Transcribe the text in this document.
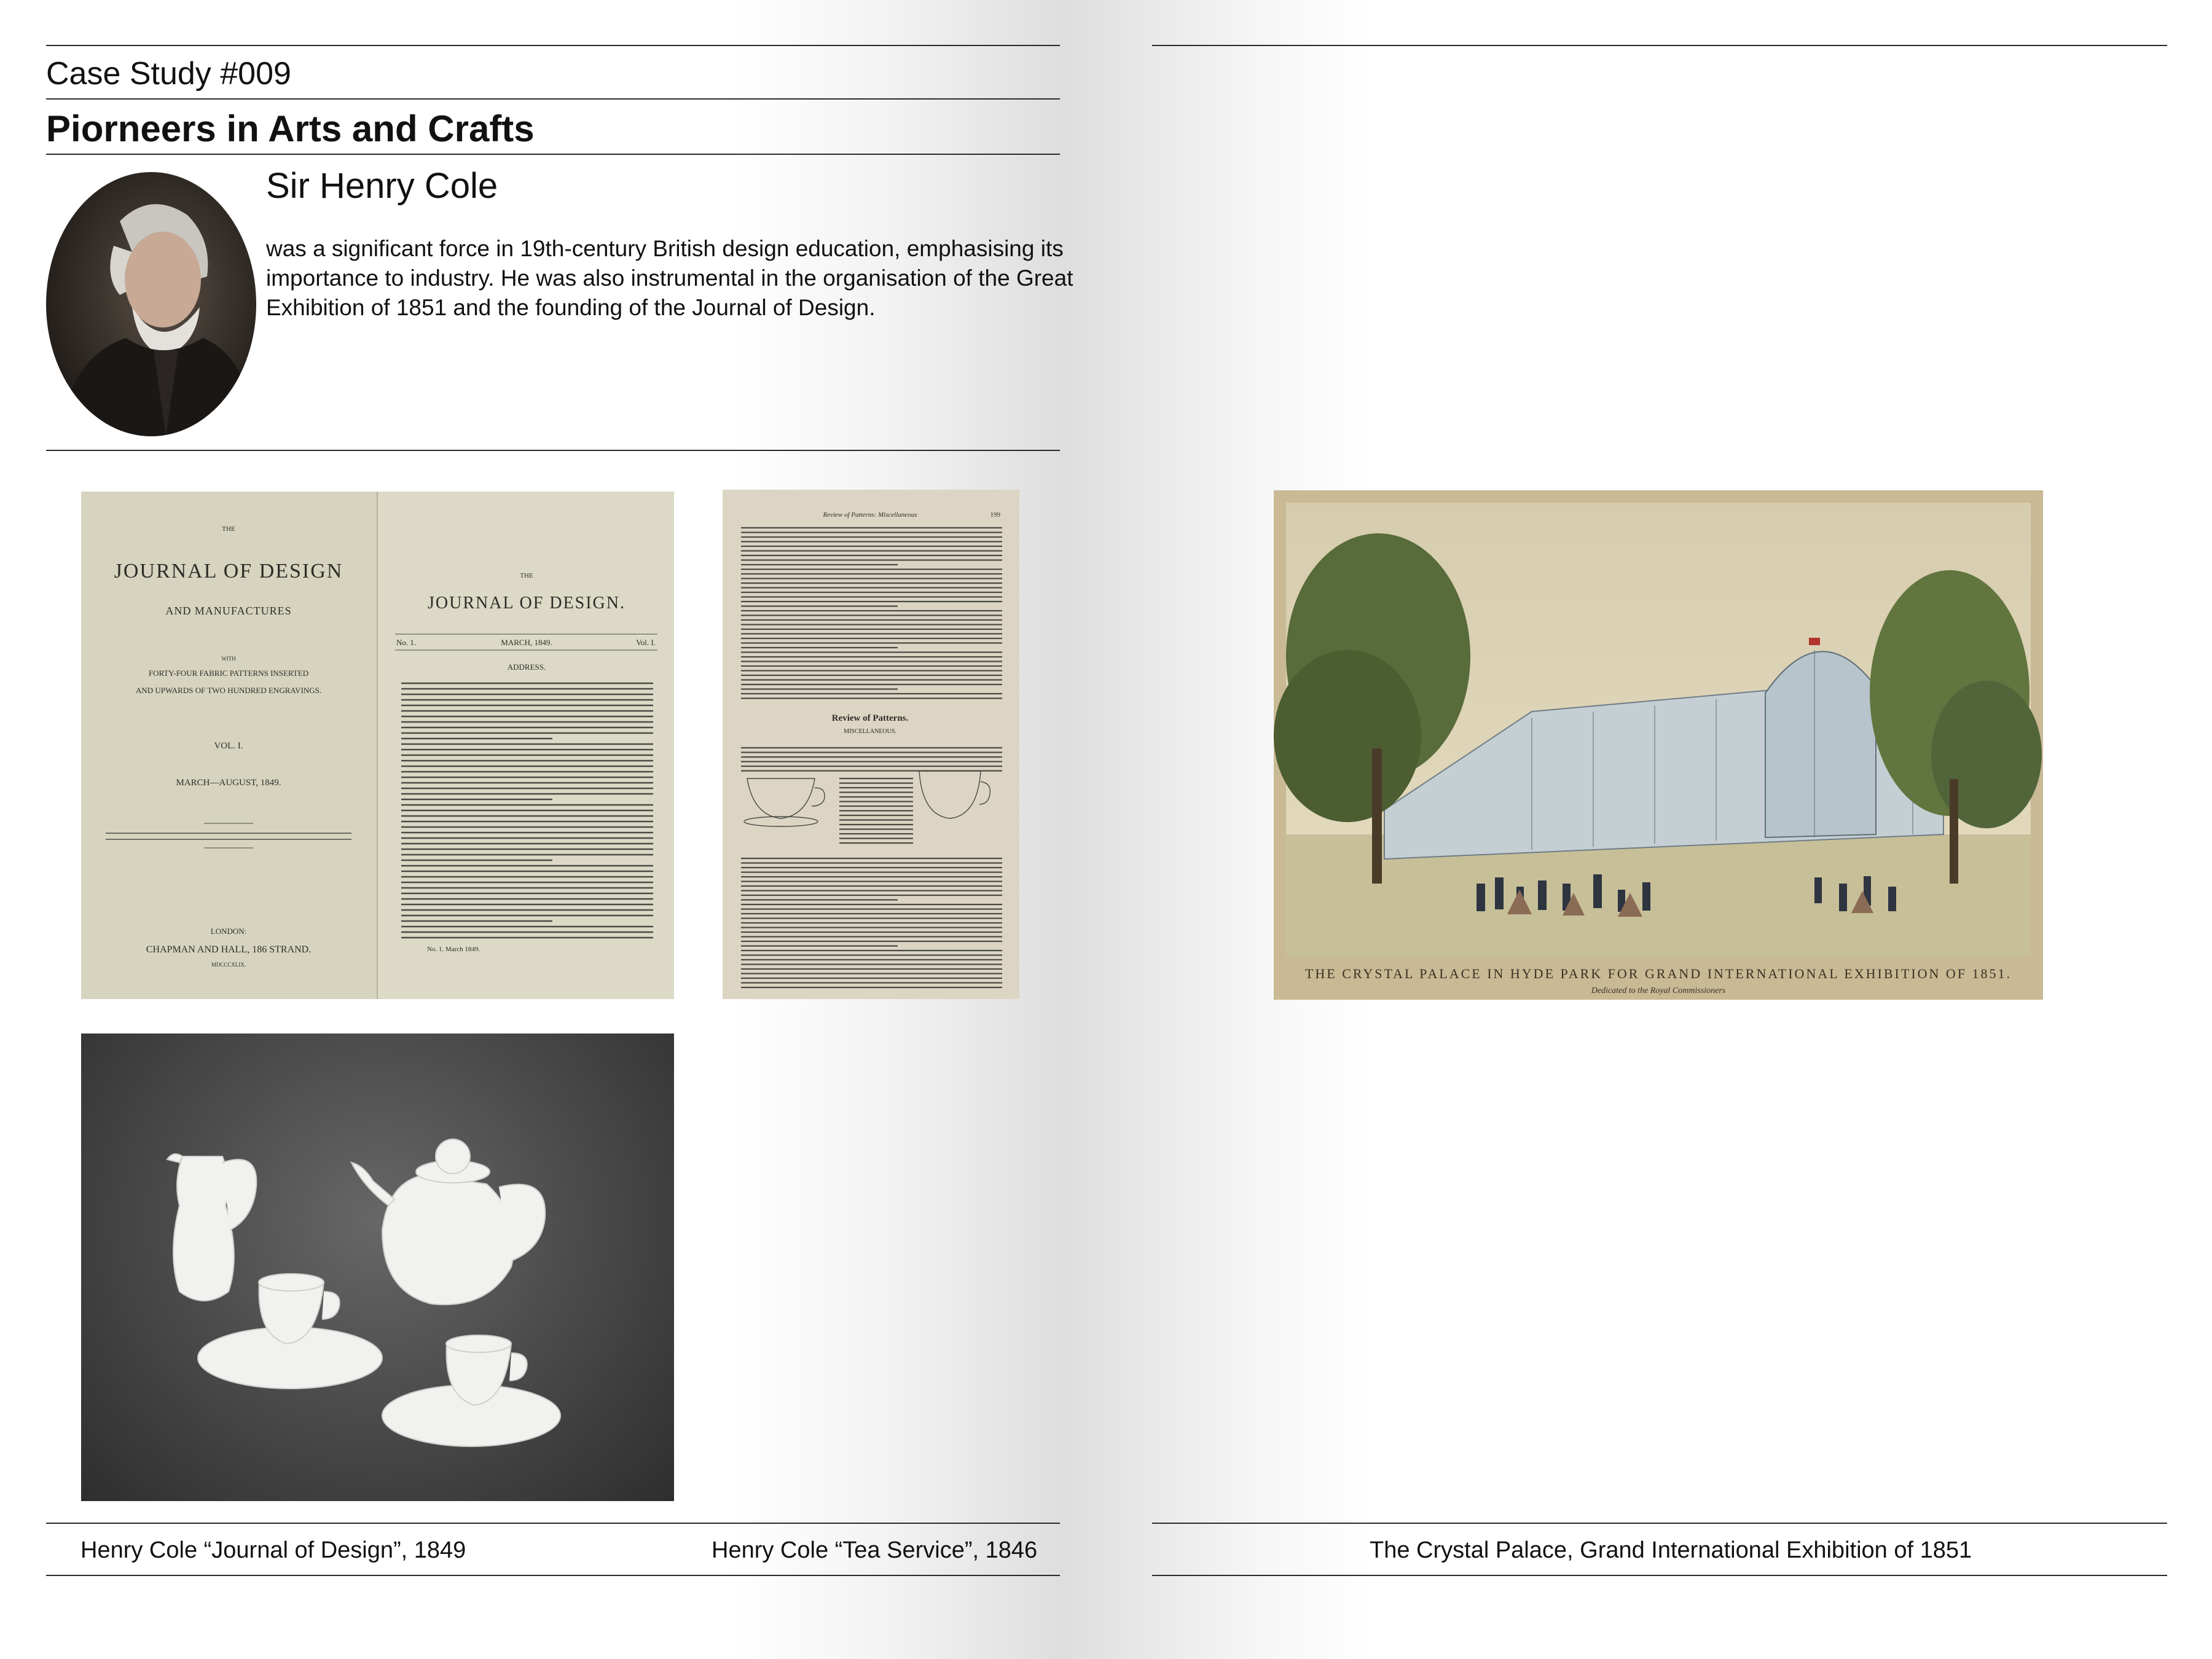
Case Study #009
Piorneers in Arts and Crafts
Sir Henry Cole
was a significant force in 19th-century British design education, emphasising its importance to industry. He was also instrumental in the organisation of the Great Exhibition of 1851 and the founding of the Journal of Design.
THE
JOURNAL OF DESIGN
AND MANUFACTURES
WITH
FORTY-FOUR FABRIC PATTERNS INSERTED
AND UPWARDS OF TWO HUNDRED ENGRAVINGS.
VOL. I.
MARCH—AUGUST, 1849.
LONDON:
CHAPMAN AND HALL, 186 STRAND.
MDCCCXLIX.
THE
JOURNAL OF DESIGN.
No. 1.	MARCH, 1849.	Vol. I.
ADDRESS.
No. 1. March 1849.
Review of Patterns: Miscellaneous	199
Review of Patterns.
MISCELLANEOUS.
THE CRYSTAL PALACE IN HYDE PARK FOR GRAND INTERNATIONAL EXHIBITION OF 1851.
Dedicated to the Royal Commissioners
Henry Cole “Journal of Design”, 1849	Henry Cole “Tea Service”, 1846	The Crystal Palace, Grand International Exhibition of 1851
